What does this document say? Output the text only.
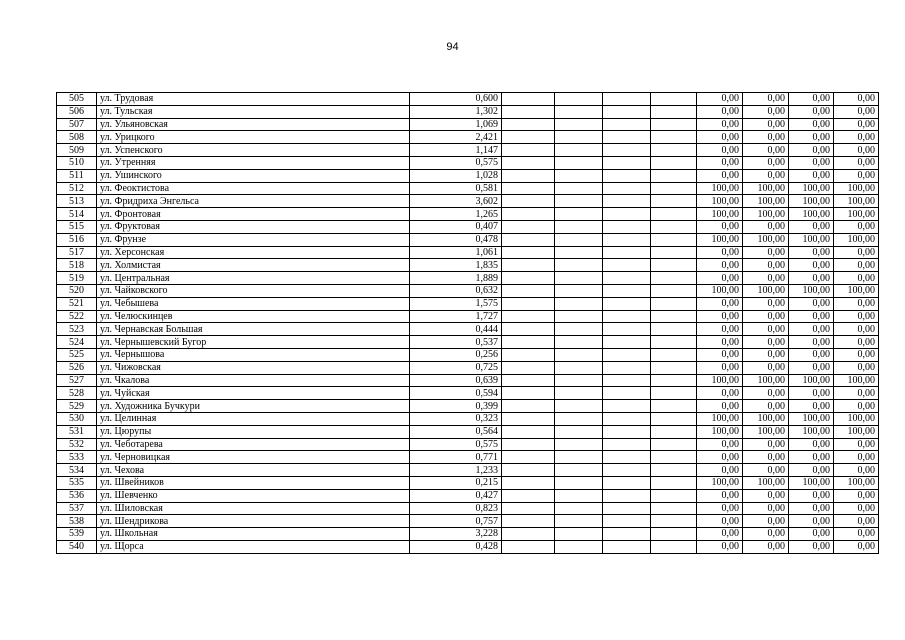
94
505	ул. Трудовая	0,600					0,00	0,00	0,00	0,00
506	ул. Тульская	1,302					0,00	0,00	0,00	0,00
507	ул. Ульяновская	1,069					0,00	0,00	0,00	0,00
508	ул. Урицкого	2,421					0,00	0,00	0,00	0,00
509	ул. Успенского	1,147					0,00	0,00	0,00	0,00
510	ул. Утренняя	0,575					0,00	0,00	0,00	0,00
511	ул. Ушинского	1,028					0,00	0,00	0,00	0,00
512	ул. Феоктистова	0,581					100,00	100,00	100,00	100,00
513	ул. Фридриха Энгельса	3,602					100,00	100,00	100,00	100,00
514	ул. Фронтовая	1,265					100,00	100,00	100,00	100,00
515	ул. Фруктовая	0,407					0,00	0,00	0,00	0,00
516	ул. Фрунзе	0,478					100,00	100,00	100,00	100,00
517	ул. Херсонская	1,061					0,00	0,00	0,00	0,00
518	ул. Холмистая	1,835					0,00	0,00	0,00	0,00
519	ул. Центральная	1,889					0,00	0,00	0,00	0,00
520	ул. Чайковского	0,632					100,00	100,00	100,00	100,00
521	ул. Чебышева	1,575					0,00	0,00	0,00	0,00
522	ул. Челюскинцев	1,727					0,00	0,00	0,00	0,00
523	ул. Чернавская Большая	0,444					0,00	0,00	0,00	0,00
524	ул. Чернышевский Бугор	0,537					0,00	0,00	0,00	0,00
525	ул. Чернышова	0,256					0,00	0,00	0,00	0,00
526	ул. Чижовская	0,725					0,00	0,00	0,00	0,00
527	ул. Чкалова	0,639					100,00	100,00	100,00	100,00
528	ул. Чуйская	0,594					0,00	0,00	0,00	0,00
529	ул. Художника Бучкури	0,399					0,00	0,00	0,00	0,00
530	ул. Целинная	0,323					100,00	100,00	100,00	100,00
531	ул. Цюрупы	0,564					100,00	100,00	100,00	100,00
532	ул. Чеботарева	0,575					0,00	0,00	0,00	0,00
533	ул. Черновицкая	0,771					0,00	0,00	0,00	0,00
534	ул. Чехова	1,233					0,00	0,00	0,00	0,00
535	ул. Швейников	0,215					100,00	100,00	100,00	100,00
536	ул. Шевченко	0,427					0,00	0,00	0,00	0,00
537	ул. Шиловская	0,823					0,00	0,00	0,00	0,00
538	ул. Шендрикова	0,757					0,00	0,00	0,00	0,00
539	ул. Школьная	3,228					0,00	0,00	0,00	0,00
540	ул. Щорса	0,428					0,00	0,00	0,00	0,00
